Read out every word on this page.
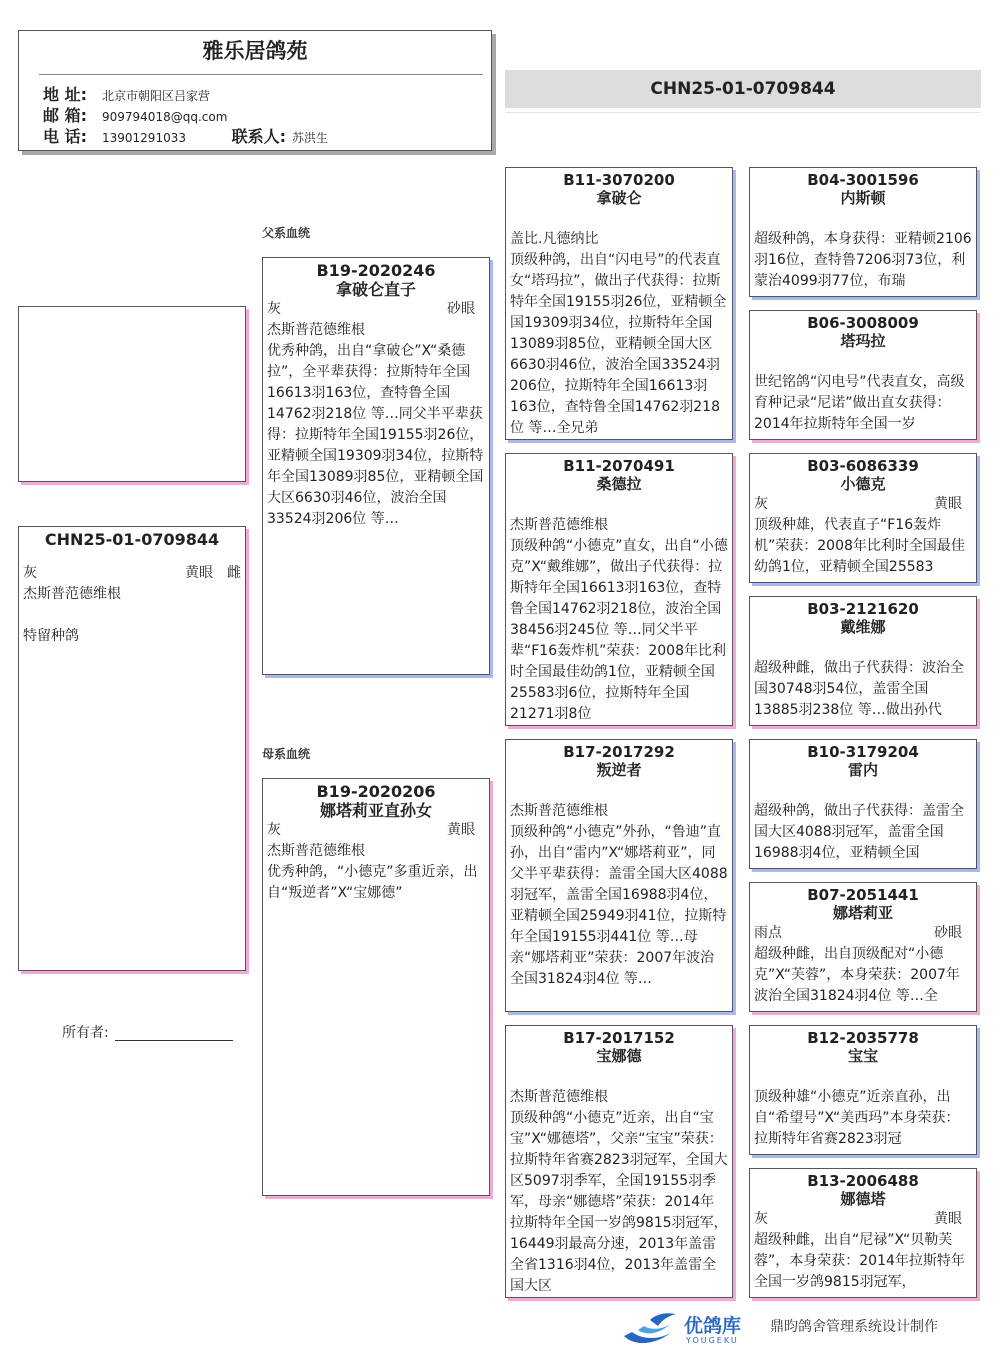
雅乐居鸽苑
地 址: 北京市朝阳区吕家营
邮 箱: 909794018@qq.com
电 话: 13901291033	联系人: 苏洪生
CHN25-01-0709844
CHN25-01-0709844
灰	黄眼 雌
杰斯普范德维根
特留种鸽
所有者:
父系血统
母系血统
B19-2020246
拿破仑直子
灰	砂眼
杰斯普范德维根
优秀种鸽，出自“拿破仑”X“桑德拉”，全平辈获得：拉斯特年全国16613羽163位，查特鲁全国14762羽218位 等…同父半平辈获得：拉斯特年全国19155羽26位，亚精顿全国19309羽34位，拉斯特年全国13089羽85位，亚精顿全国大区6630羽46位，波治全国33524羽206位 等…
B19-2020206
娜塔莉亚直孙女
灰	黄眼
杰斯普范德维根
优秀种鸽，“小德克”多重近亲，出自“叛逆者”X“宝娜德”
B11-3070200
拿破仑
盖比.凡德纳比
顶级种鸽，出自“闪电号”的代表直女“塔玛拉”，做出子代获得：拉斯特年全国19155羽26位，亚精顿全国19309羽34位，拉斯特年全国13089羽85位，亚精顿全国大区6630羽46位，波治全国33524羽206位，拉斯特年全国16613羽163位，查特鲁全国14762羽218位 等…全兄弟
B11-2070491
桑德拉
杰斯普范德维根
顶级种鸽“小德克”直女，出自“小德克”X“戴维娜”，做出子代获得：拉斯特年全国16613羽163位，查特鲁全国14762羽218位，波治全国38456羽245位 等…同父半平辈“F16轰炸机”荣获：2008年比利时全国最佳幼鸽1位，亚精顿全国25583羽6位，拉斯特年全国21271羽8位
B17-2017292
叛逆者
杰斯普范德维根
顶级种鸽“小德克”外孙，“鲁迪”直孙，出自“雷内”X“娜塔莉亚”，同父半平辈获得：盖雷全国大区4088羽冠军，盖雷全国16988羽4位，亚精顿全国25949羽41位，拉斯特年全国19155羽441位 等…母亲“娜塔莉亚”荣获：2007年波治全国31824羽4位 等…
B17-2017152
宝娜德
杰斯普范德维根
顶级种鸽“小德克”近亲，出自“宝宝”X“娜德塔”，父亲“宝宝”荣获：拉斯特年省赛2823羽冠军，全国大区5097羽季军，全国19155羽季军，母亲“娜德塔”荣获：2014年拉斯特年全国一岁鸽9815羽冠军，16449羽最高分速，2013年盖雷全省1316羽4位，2013年盖雷全国大区
B04-3001596
内斯顿
超级种鸽，本身获得：亚精顿2106羽16位，查特鲁7206羽73位，利蒙治4099羽77位，布瑞
B06-3008009
塔玛拉
世纪铭鸽“闪电号”代表直女，高级育种记录“尼诺”做出直女获得：2014年拉斯特年全国一岁
B03-6086339
小德克
灰	黄眼
顶级种雄，代表直子“F16轰炸机”荣获：2008年比利时全国最佳幼鸽1位，亚精顿全国25583
B03-2121620
戴维娜
超级种雌，做出子代获得：波治全国30748羽54位，盖雷全国13885羽238位 等…做出孙代
B10-3179204
雷内
超级种鸽，做出子代获得：盖雷全国大区4088羽冠军，盖雷全国16988羽4位，亚精顿全国
B07-2051441
娜塔莉亚
雨点	砂眼
超级种雌，出自顶级配对“小德克”X“芙蓉”，本身荣获：2007年波治全国31824羽4位 等…全
B12-2035778
宝宝
顶级种雄“小德克”近亲直孙，出自“希望号”X“美西玛”本身荣获：拉斯特年省赛2823羽冠
B13-2006488
娜德塔
灰	黄眼
超级种雌，出自“尼禄”X“贝勒芙蓉”，本身荣获：2014年拉斯特年全国一岁鸽9815羽冠军，
优鸽库
YOUGEKU
鼎昀鸽舍管理系统设计制作
